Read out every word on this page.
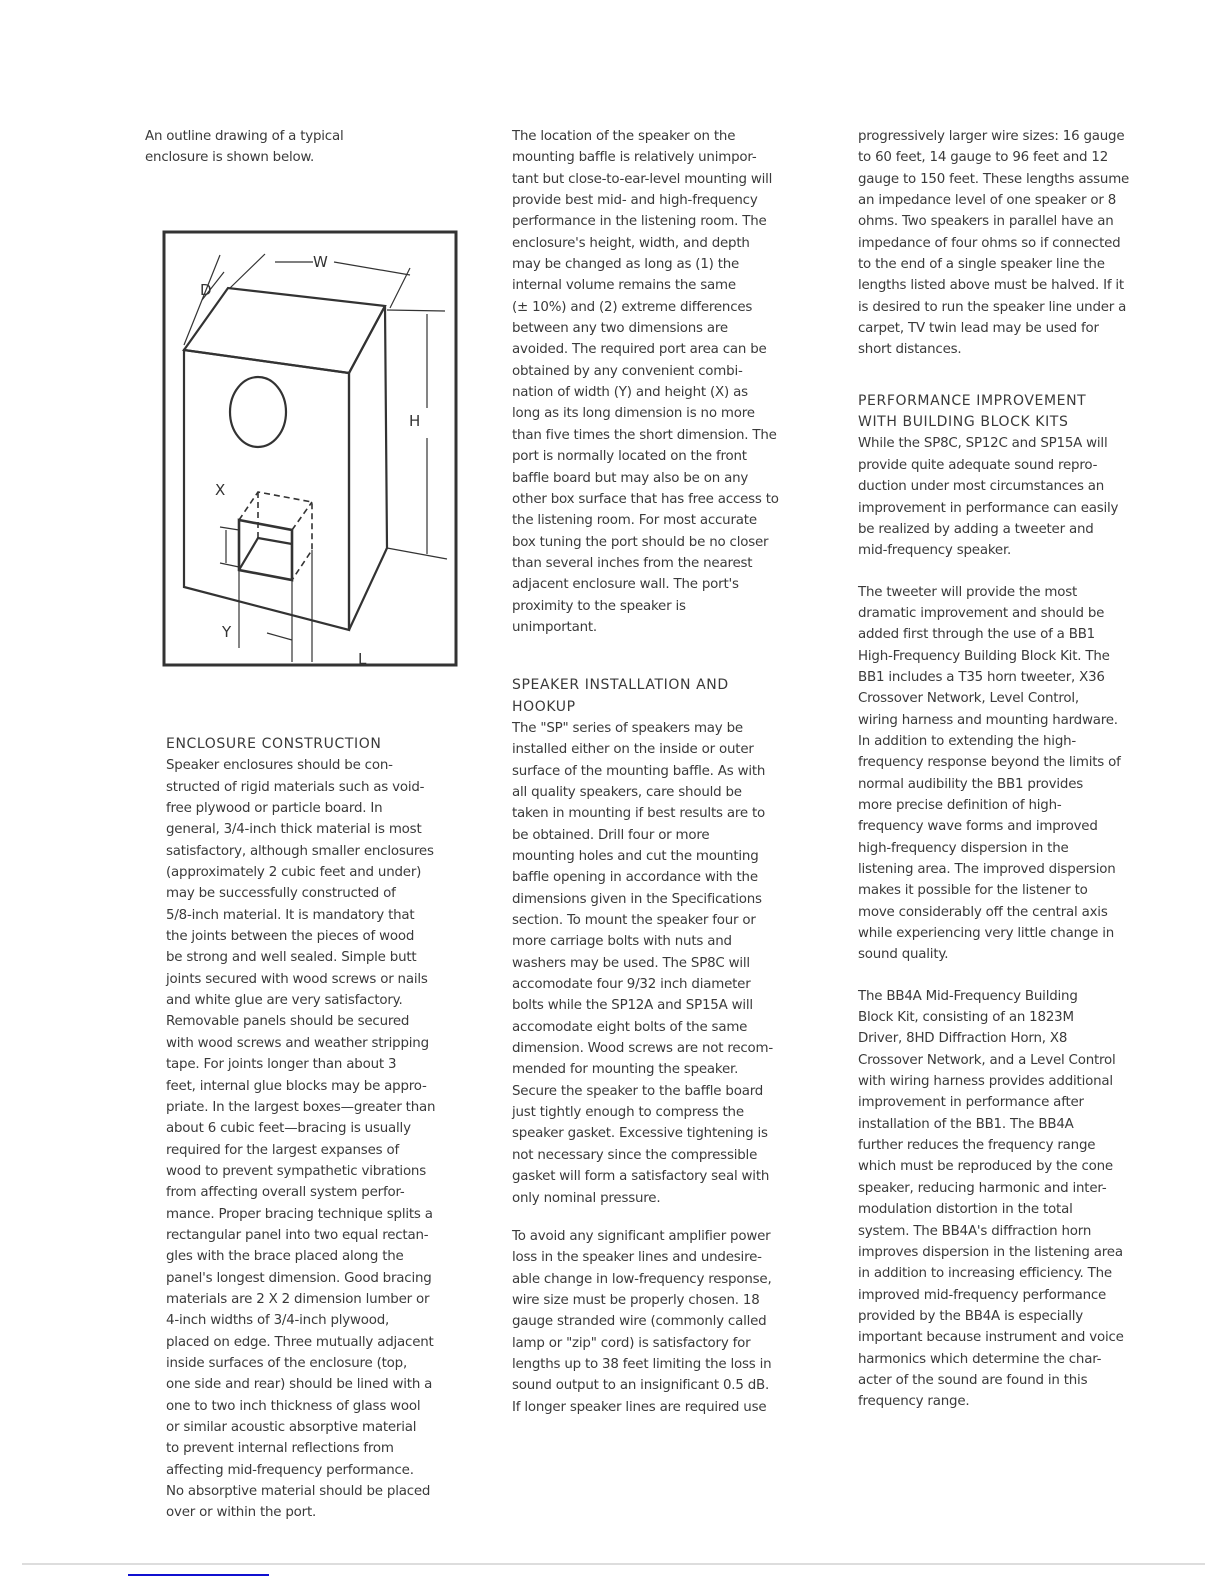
An outline drawing of a typical
enclosure is shown below.
H
W
D
X
Y
L
ENCLOSURE CONSTRUCTION
Speaker enclosures should be con-
structed of rigid materials such as void-
free plywood or particle board. In
general, 3/4-inch thick material is most
satisfactory, although smaller enclosures
(approximately 2 cubic feet and under)
may be successfully constructed of
5/8-inch material. It is mandatory that
the joints between the pieces of wood
be strong and well sealed. Simple butt
joints secured with wood screws or nails
and white glue are very satisfactory.
Removable panels should be secured
with wood screws and weather stripping
tape. For joints longer than about 3
feet, internal glue blocks may be appro-
priate. In the largest boxes—greater than
about 6 cubic feet—bracing is usually
required for the largest expanses of
wood to prevent sympathetic vibrations
from affecting overall system perfor-
mance. Proper bracing technique splits a
rectangular panel into two equal rectan-
gles with the brace placed along the
panel's longest dimension. Good bracing
materials are 2 X 2 dimension lumber or
4-inch widths of 3/4-inch plywood,
placed on edge. Three mutually adjacent
inside surfaces of the enclosure (top,
one side and rear) should be lined with a
one to two inch thickness of glass wool
or similar acoustic absorptive material
to prevent internal reflections from
affecting mid-frequency performance.
No absorptive material should be placed
over or within the port.
The location of the speaker on the
mounting baffle is relatively unimpor-
tant but close-to-ear-level mounting will
provide best mid- and high-frequency
performance in the listening room. The
enclosure's height, width, and depth
may be changed as long as (1) the
internal volume remains the same
(± 10%) and (2) extreme differences
between any two dimensions are
avoided. The required port area can be
obtained by any convenient combi-
nation of width (Y) and height (X) as
long as its long dimension is no more
than five times the short dimension. The
port is normally located on the front
baffle board but may also be on any
other box surface that has free access to
the listening room. For most accurate
box tuning the port should be no closer
than several inches from the nearest
adjacent enclosure wall. The port's
proximity to the speaker is
unimportant.
SPEAKER INSTALLATION AND
HOOKUP
The "SP" series of speakers may be
installed either on the inside or outer
surface of the mounting baffle. As with
all quality speakers, care should be
taken in mounting if best results are to
be obtained. Drill four or more
mounting holes and cut the mounting
baffle opening in accordance with the
dimensions given in the Specifications
section. To mount the speaker four or
more carriage bolts with nuts and
washers may be used. The SP8C will
accomodate four 9/32 inch diameter
bolts while the SP12A and SP15A will
accomodate eight bolts of the same
dimension. Wood screws are not recom-
mended for mounting the speaker.
Secure the speaker to the baffle board
just tightly enough to compress the
speaker gasket. Excessive tightening is
not necessary since the compressible
gasket will form a satisfactory seal with
only nominal pressure.
To avoid any significant amplifier power
loss in the speaker lines and undesire-
able change in low-frequency response,
wire size must be properly chosen. 18
gauge stranded wire (commonly called
lamp or "zip" cord) is satisfactory for
lengths up to 38 feet limiting the loss in
sound output to an insignificant 0.5 dB.
If longer speaker lines are required use
progressively larger wire sizes: 16 gauge
to 60 feet, 14 gauge to 96 feet and 12
gauge to 150 feet. These lengths assume
an impedance level of one speaker or 8
ohms. Two speakers in parallel have an
impedance of four ohms so if connected
to the end of a single speaker line the
lengths listed above must be halved. If it
is desired to run the speaker line under a
carpet, TV twin lead may be used for
short distances.
PERFORMANCE IMPROVEMENT
WITH BUILDING BLOCK KITS
While the SP8C, SP12C and SP15A will
provide quite adequate sound repro-
duction under most circumstances an
improvement in performance can easily
be realized by adding a tweeter and
mid-frequency speaker.
The tweeter will provide the most
dramatic improvement and should be
added first through the use of a BB1
High-Frequency Building Block Kit. The
BB1 includes a T35 horn tweeter, X36
Crossover Network, Level Control,
wiring harness and mounting hardware.
In addition to extending the high-
frequency response beyond the limits of
normal audibility the BB1 provides
more precise definition of high-
frequency wave forms and improved
high-frequency dispersion in the
listening area. The improved dispersion
makes it possible for the listener to
move considerably off the central axis
while experiencing very little change in
sound quality.
The BB4A Mid-Frequency Building
Block Kit, consisting of an 1823M
Driver, 8HD Diffraction Horn, X8
Crossover Network, and a Level Control
with wiring harness provides additional
improvement in performance after
installation of the BB1. The BB4A
further reduces the frequency range
which must be reproduced by the cone
speaker, reducing harmonic and inter-
modulation distortion in the total
system. The BB4A's diffraction horn
improves dispersion in the listening area
in addition to increasing efficiency. The
improved mid-frequency performance
provided by the BB4A is especially
important because instrument and voice
harmonics which determine the char-
acter of the sound are found in this
frequency range.
